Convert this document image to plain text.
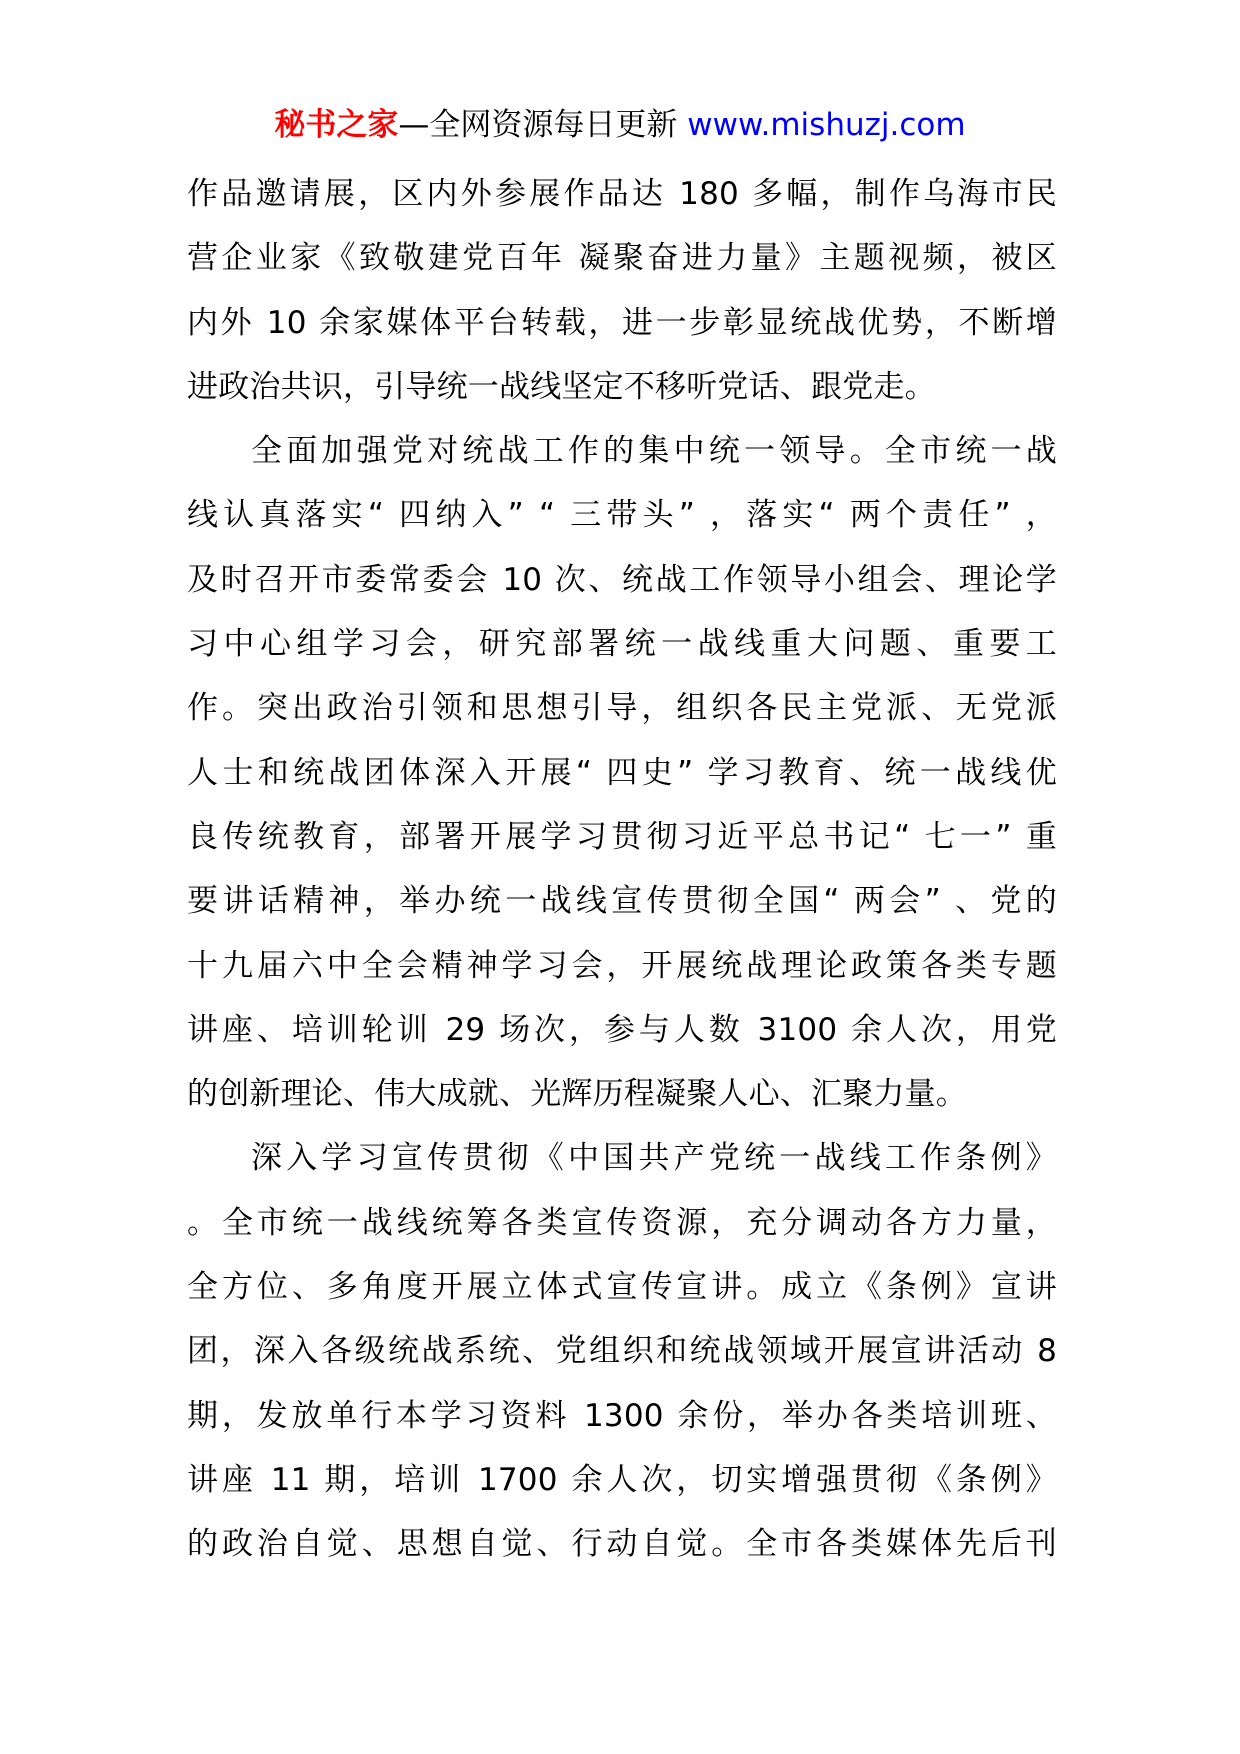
秘书之家—全网资源每日更新 www.mishuzj.com
作品邀请展，区内外参展作品达 180 多幅，制作乌海市民
营企业家《致敬建党百年 凝聚奋进力量》主题视频，被区
内外 10 余家媒体平台转载，进一步彰显统战优势，不断增
进政治共识，引导统一战线坚定不移听党话、跟党走。
全面加强党对统战工作的集中统一领导。全市统一战
线认真落实“ 四纳入” “ 三带头” ，落实“ 两个责任” ，
及时召开市委常委会 10 次、统战工作领导小组会、理论学
习中心组学习会，研究部署统一战线重大问题、重要工
作。突出政治引领和思想引导，组织各民主党派、无党派
人士和统战团体深入开展“ 四史” 学习教育、统一战线优
良传统教育，部署开展学习贯彻习近平总书记“ 七一” 重
要讲话精神，举办统一战线宣传贯彻全国“ 两会” 、党的
十九届六中全会精神学习会，开展统战理论政策各类专题
讲座、培训轮训 29 场次，参与人数 3100 余人次，用党
的创新理论、伟大成就、光辉历程凝聚人心、汇聚力量。
深入学习宣传贯彻《中国共产党统一战线工作条例》
。全市统一战线统筹各类宣传资源，充分调动各方力量，
全方位、多角度开展立体式宣传宣讲。成立《条例》宣讲
团，深入各级统战系统、党组织和统战领域开展宣讲活动 8
期，发放单行本学习资料 1300 余份，举办各类培训班、
讲座 11 期，培训 1700 余人次，切实增强贯彻《条例》
的政治自觉、思想自觉、行动自觉。全市各类媒体先后刊
